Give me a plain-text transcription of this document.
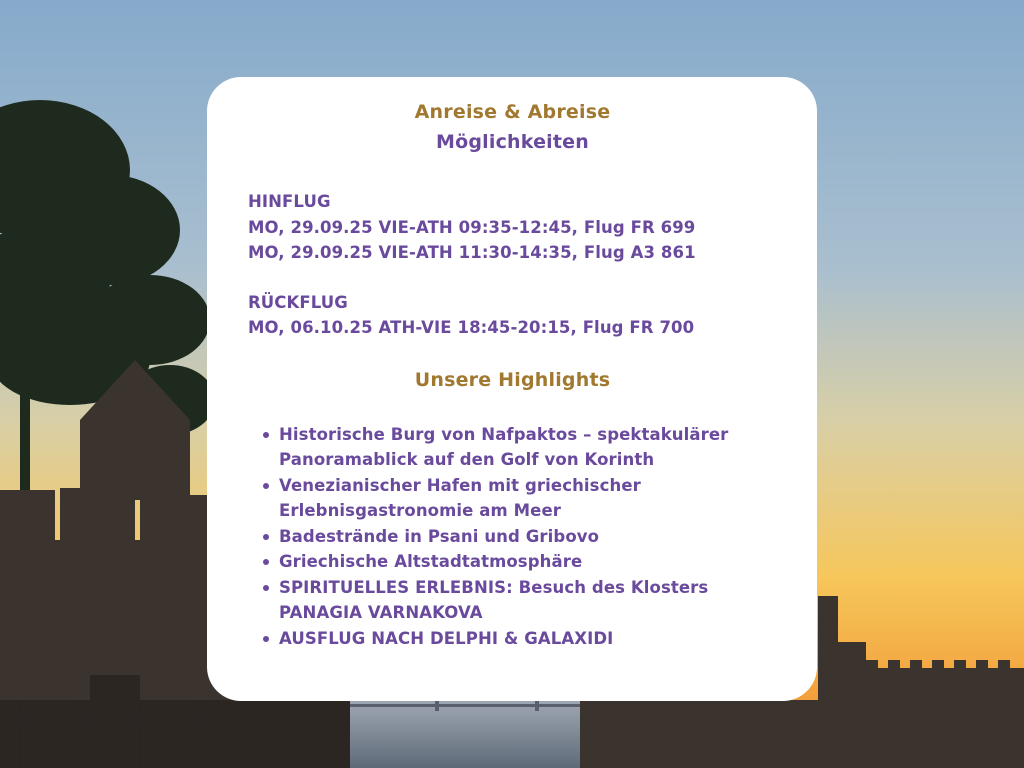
Anreise & Abreise

Möglichkeiten

HINFLUG
MO, 29.09.25 VIE-ATH 09:35-12:45, Flug FR 699
MO, 29.09.25 VIE-ATH 11:30-14:35, Flug A3 861
RÜCKFLUG
MO, 06.10.25 ATH-VIE 18:45-20:15, Flug FR 700

Unsere Highlights

Historische Burg von Nafpaktos – spektakulärer Panoramablick auf den Golf von Korinth
Venezianischer Hafen mit griechischer Erlebnisgastronomie am Meer
Badestrände in Psani und Gribovo
Griechische Altstadtatmosphäre
SPIRITUELLES ERLEBNIS: Besuch des Klosters PANAGIA VARNAKOVA
AUSFLUG NACH DELPHI & GALAXIDI
